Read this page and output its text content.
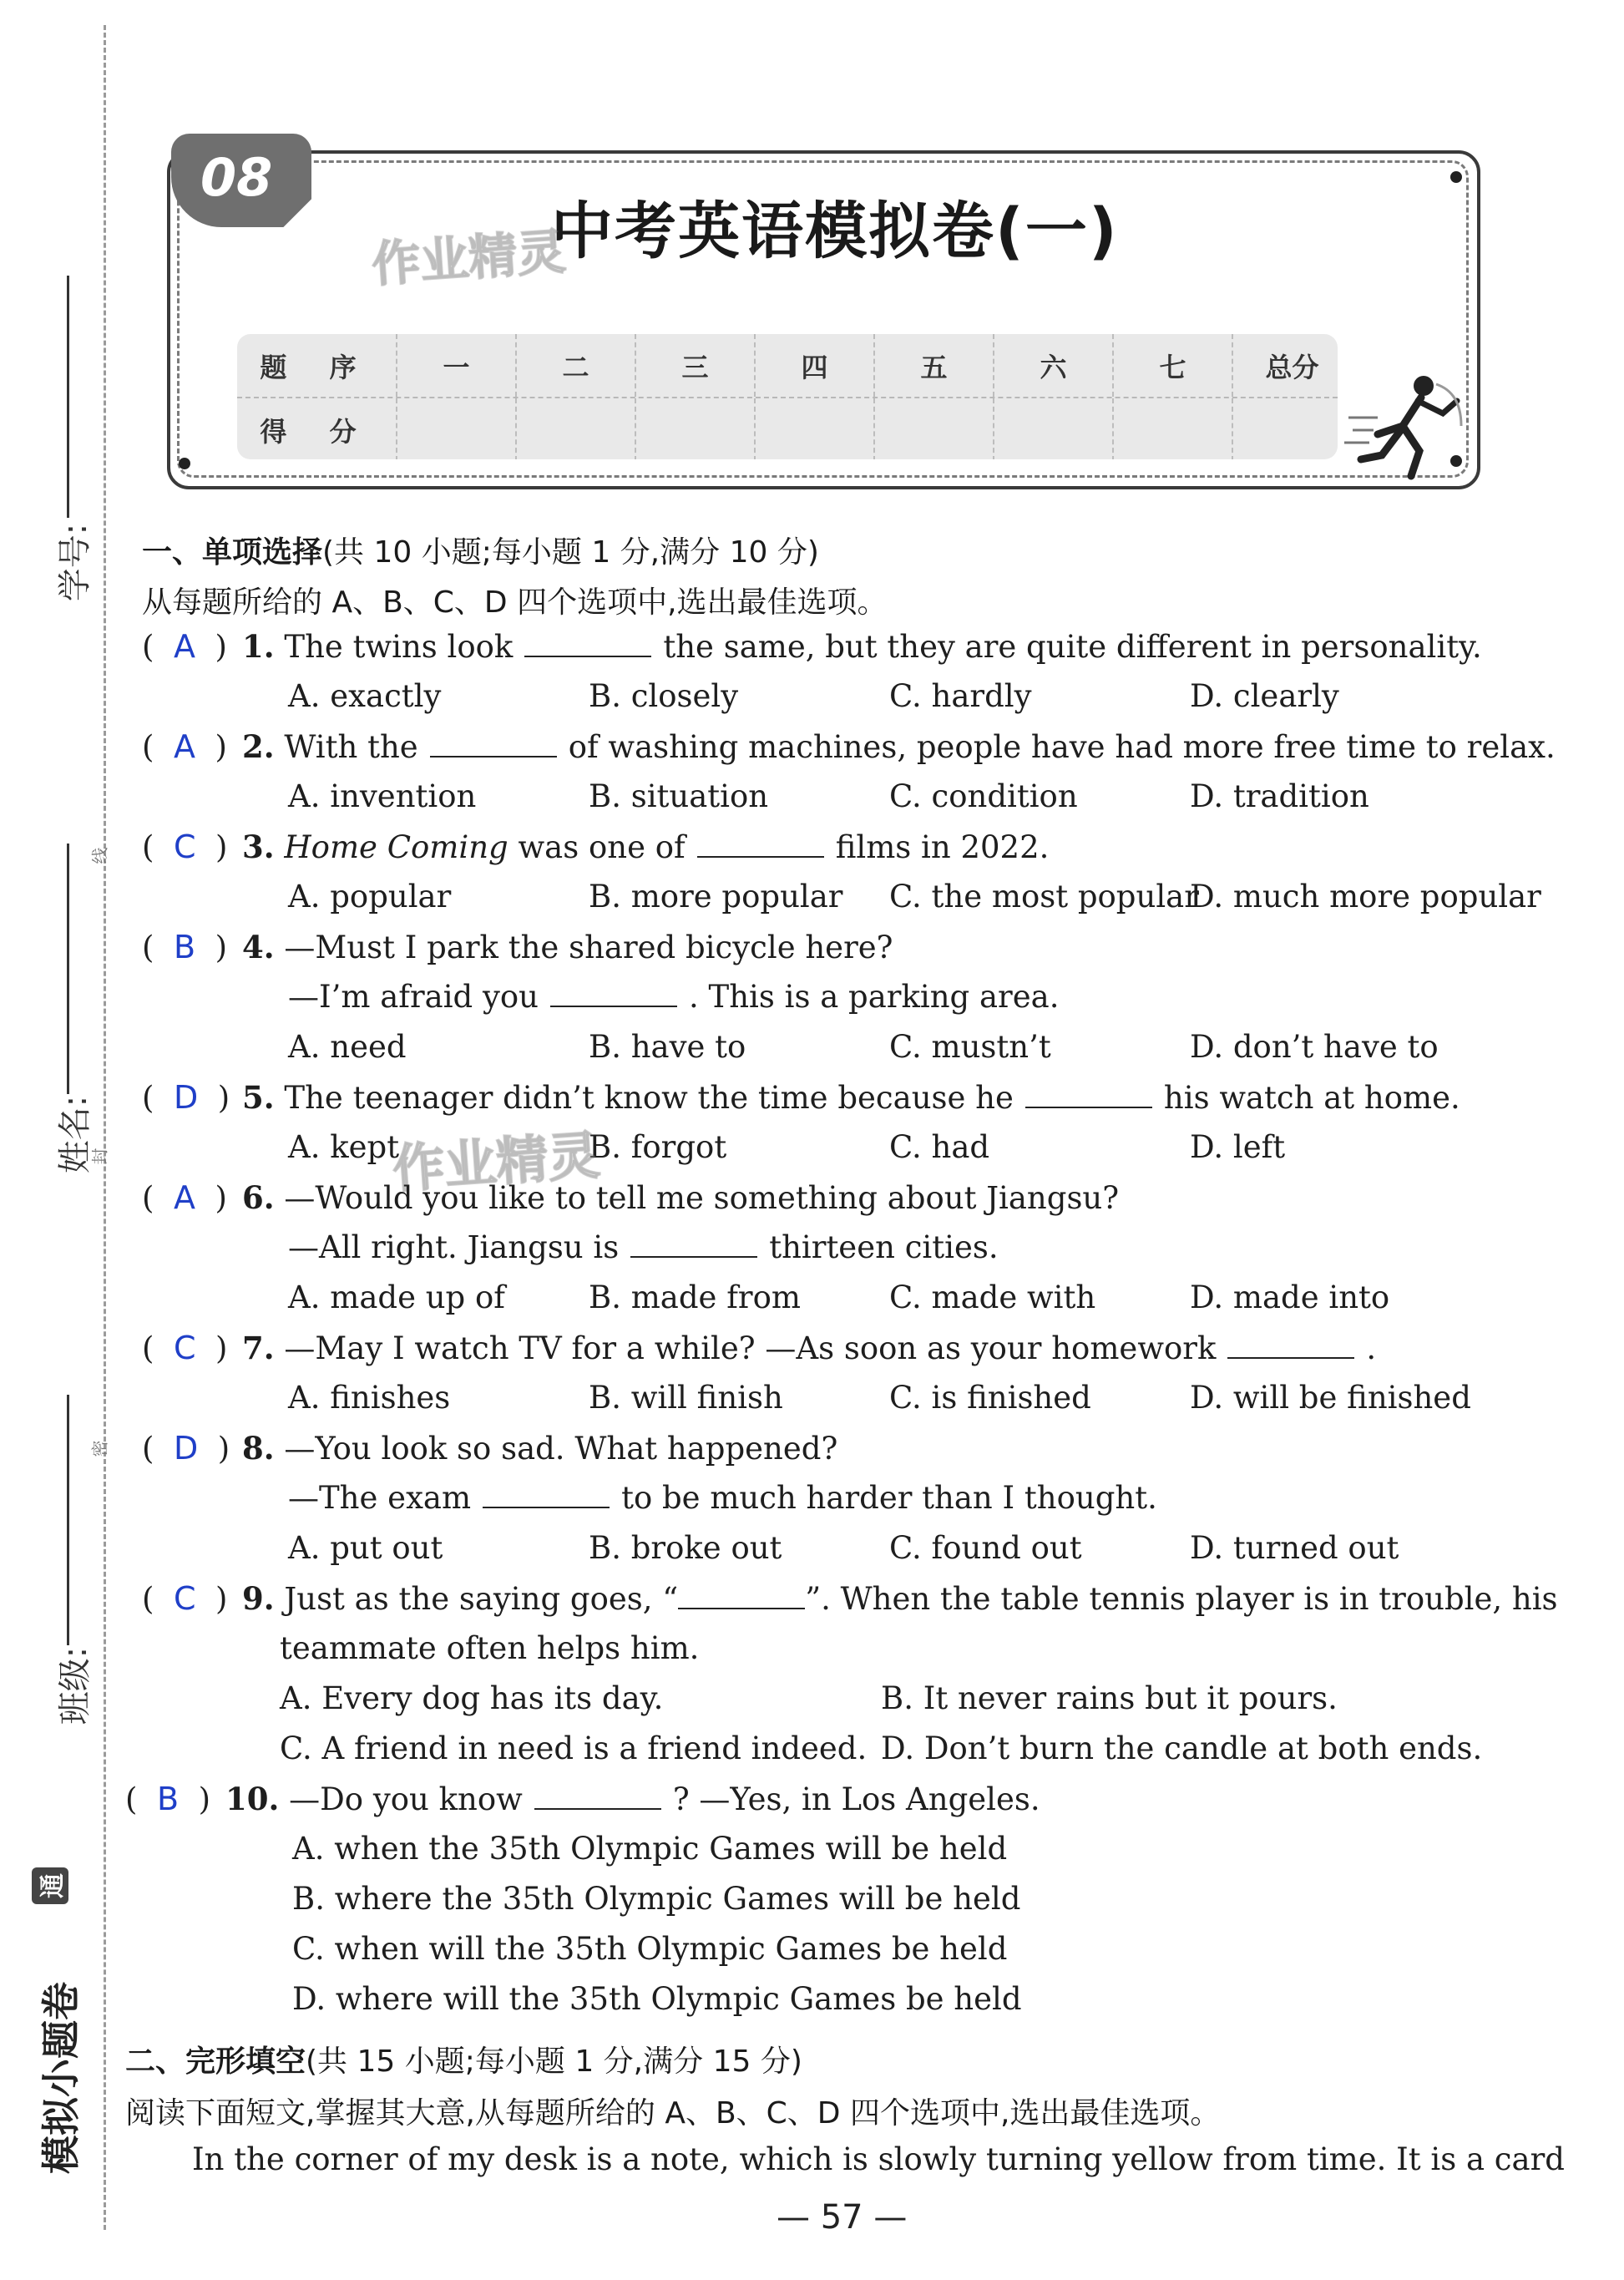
学号:
姓名:
班级:
线
封
密
通
模拟小题卷
08
中考英语模拟卷(一)
作业精灵
题 序	一	二	三	四	五	六	七	总分
得 分
一、单项选择(共 10 小题;每小题 1 分,满分 10 分)
从每题所给的 A、B、C、D 四个选项中,选出最佳选项。
(  A  ) 1. The twins look	the same, but they are quite different in personality.
A. exactly	B. closely	C. hardly	D. clearly
(  A  ) 2. With the	of washing machines, people have had more free time to relax.
A. invention	B. situation	C. condition	D. tradition
(  C  ) 3. Home Coming was one of	films in 2022.
A. popular	B. more popular C. the most popular
D. much more popular
(  B  ) 4. —Must I park the shared bicycle here?
—I’m afraid you	. This is a parking area.
A. need	B. have to	C. mustn’t	D. don’t have to
(  D  ) 5. The teenager didn’t know the time because he	his watch at home.
A. kept	B. forgot	C. had	D. left
作业精灵
(  A  ) 6. —Would you like to tell me something about Jiangsu?
—All right. Jiangsu is	thirteen cities.
A. made up of	B. made from	C. made with	D. made into
(  C  ) 7. —May I watch TV for a while? —As soon as your homework	.
A. finishes	B. will finish	C. is finished	D. will be finished
(  D  ) 8. —You look so sad. What happened?
—The exam	to be much harder than I thought.
A. put out	B. broke out	C. found out	D. turned out
(  C  ) 9. Just as the saying goes, “	”. When the table tennis player is in trouble, his
teammate often helps him.
A. Every dog has its day.	B. It never rains but it pours.
C. A friend in need is a friend indeed. D. Don’t burn the candle at both ends.
(  B  ) 10. —Do you know	? —Yes, in Los Angeles.
A. when the 35th Olympic Games will be held
B. where the 35th Olympic Games will be held
C. when will the 35th Olympic Games be held
D. where will the 35th Olympic Games be held
二、完形填空(共 15 小题;每小题 1 分,满分 15 分)
阅读下面短文,掌握其大意,从每题所给的 A、B、C、D 四个选项中,选出最佳选项。
In the corner of my desk is a note, which is slowly turning yellow from time. It is a card
— 57 —
